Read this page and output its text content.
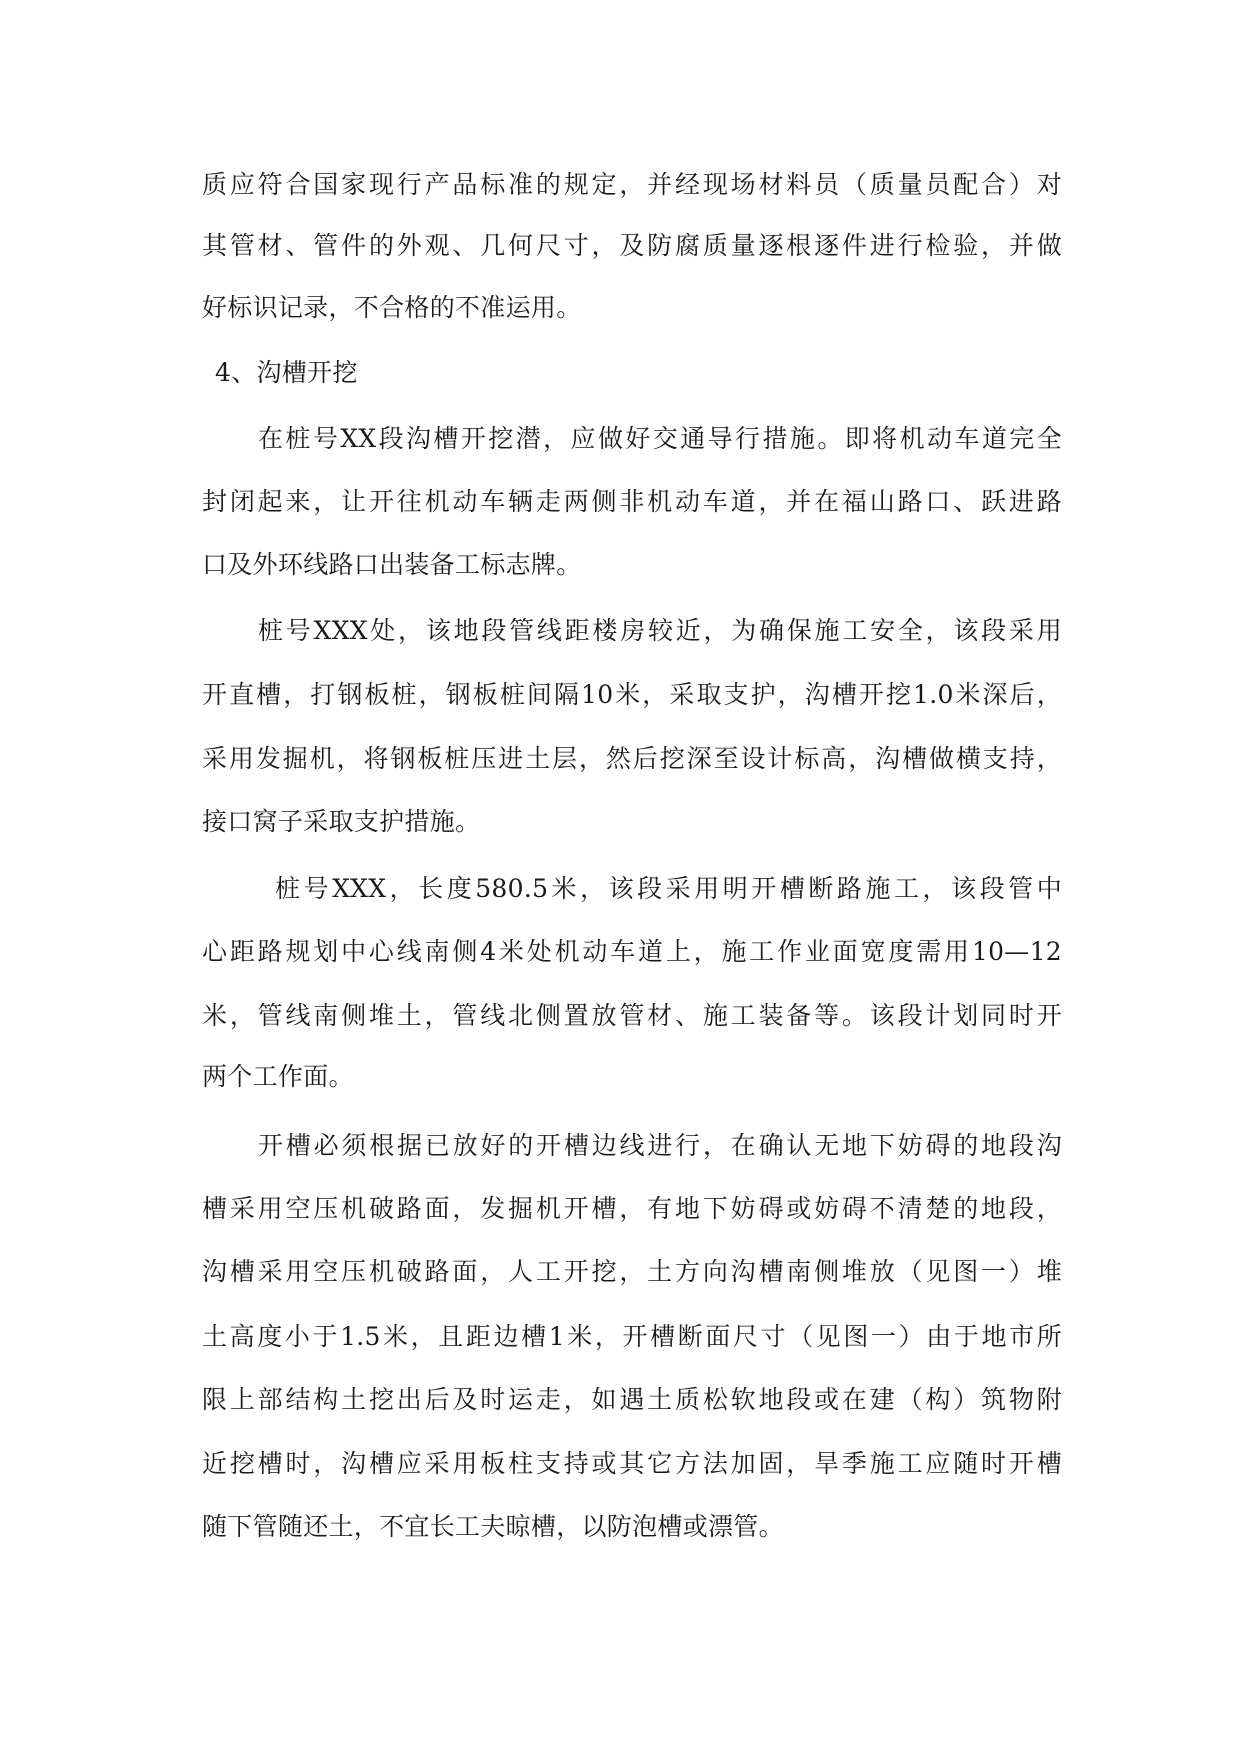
质应符合国家现行产品标准的规定，并经现场材料员（质量员配合）对
其管材、管件的外观、几何尺寸，及防腐质量逐根逐件进行检验，并做
好标识记录，不合格的不准运用。
4、沟槽开挖
在桩号XX段沟槽开挖潜，应做好交通导行措施。即将机动车道完全
封闭起来，让开往机动车辆走两侧非机动车道，并在福山路口、跃进路
口及外环线路口出装备工标志牌。
桩号XXX处，该地段管线距楼房较近，为确保施工安全，该段采用
开直槽，打钢板桩，钢板桩间隔10米，采取支护，沟槽开挖1.0米深后，
采用发掘机，将钢板桩压进土层，然后挖深至设计标高，沟槽做横支持，
接口窝子采取支护措施。
桩号XXX，长度580.5米，该段采用明开槽断路施工，该段管中
心距路规划中心线南侧4米处机动车道上，施工作业面宽度需用10—12
米，管线南侧堆土，管线北侧置放管材、施工装备等。该段计划同时开
两个工作面。
开槽必须根据已放好的开槽边线进行，在确认无地下妨碍的地段沟
槽采用空压机破路面，发掘机开槽，有地下妨碍或妨碍不清楚的地段，
沟槽采用空压机破路面，人工开挖，土方向沟槽南侧堆放（见图一）堆
土高度小于1.5米，且距边槽1米，开槽断面尺寸（见图一）由于地市所
限上部结构土挖出后及时运走，如遇土质松软地段或在建（构）筑物附
近挖槽时，沟槽应采用板柱支持或其它方法加固，旱季施工应随时开槽
随下管随还土，不宜长工夫晾槽，以防泡槽或漂管。
